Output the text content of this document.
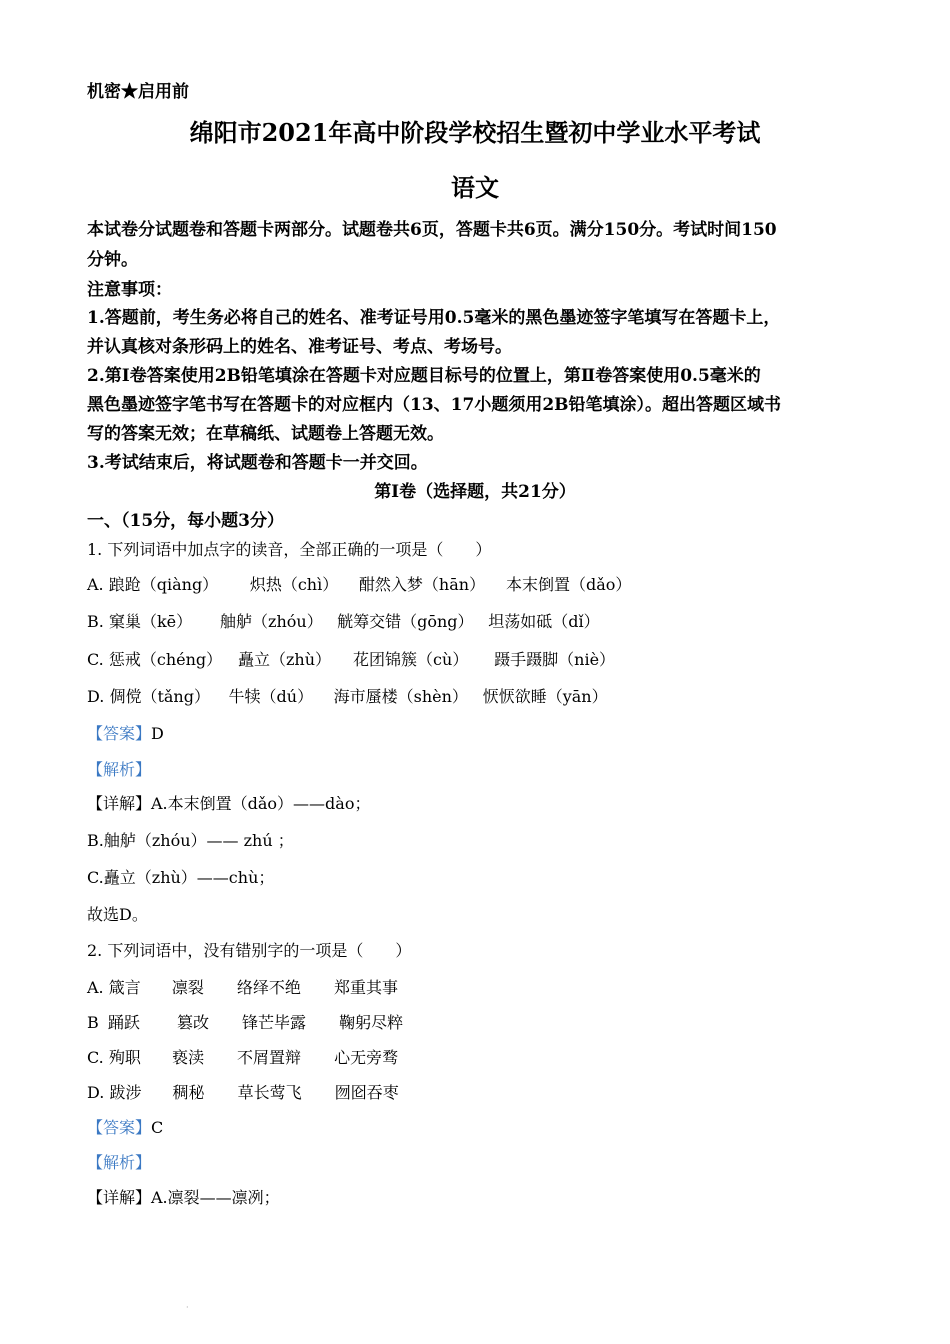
机密★启用前
绵阳市2021年高中阶段学校招生暨初中学业水平考试
语文
本试卷分试题卷和答题卡两部分。试题卷共6页，答题卡共6页。满分150分。考试时间150
分钟。
注意事项：
1.答题前，考生务必将自己的姓名、准考证号用0.5毫米的黑色墨迹签字笔填写在答题卡上，
并认真核对条形码上的姓名、准考证号、考点、考场号。
2.第Ⅰ卷答案使用2B铅笔填涂在答题卡对应题目标号的位置上，第Ⅱ卷答案使用0.5毫米的
黑色墨迹签字笔书写在答题卡的对应框内（13、17小题须用2B铅笔填涂）。超出答题区域书
写的答案无效；在草稿纸、试题卷上答题无效。
3.考试结束后，将试题卷和答题卡一并交回。
第Ⅰ卷（选择题，共21分）
一、（15分，每小题3分）
1. 下列词语中加点字的读音，全部正确的一项是（　　）
A. 踉跄（qiàng） 炽热（chì） 酣然入梦（hān） 本末倒置（dǎo）
B. 窠巢（kē） 舳舻（zhóu） 觥筹交错（gōng） 坦荡如砥（dǐ）
C. 惩戒（chéng） 矗立（zhù） 花团锦簇（cù） 蹑手蹑脚（niè）
D. 倜傥（tǎng） 牛犊（dú） 海市蜃楼（shèn） 恹恹欲睡（yān）
【答案】D
【解析】
【详解】A.本末倒置（dǎo）——dào；
B.舳舻（zhóu）—— zhú ；
C.矗立（zhù）——chù；
故选D。
2. 下列词语中，没有错别字的一项是（　　）
A. 箴言 凛裂 络绎不绝 郑重其事
B 踊跃 篡改 锋芒毕露 鞠躬尽粹
C. 殉职 亵渎 不屑置辩 心无旁骛
D. 跋涉 稠秘 草长莺飞 囫囵吞枣
【答案】C
【解析】
【详解】A.凛裂——凛冽；
·
